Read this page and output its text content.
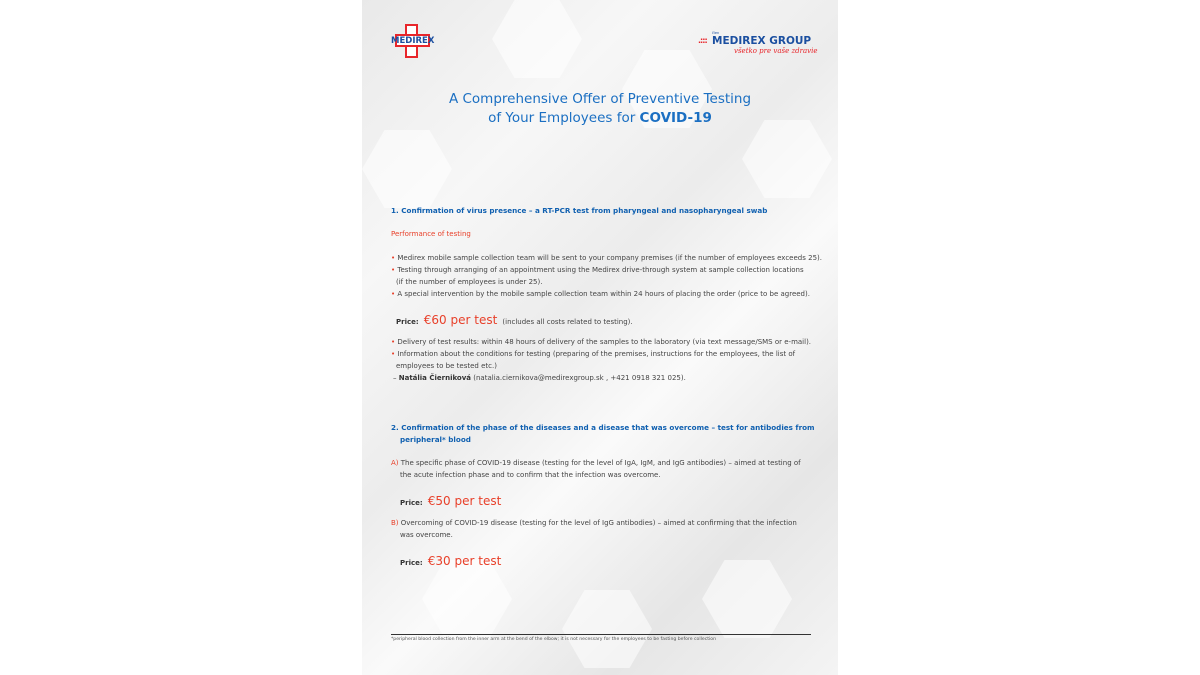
MEDIREX
člen
.::: MEDIREX GROUP
všetko pre vaše zdravie
A Comprehensive Offer of Preventive Testing
of Your Employees for COVID-19
1. Confirmation of virus presence – a RT-PCR test from pharyngeal and nasopharyngeal swab
Performance of testing
• Medirex mobile sample collection team will be sent to your company premises (if the number of employees exceeds 25).
• Testing through arranging of an appointment using the Medirex drive-through system at sample collection locations
(if the number of employees is under 25).
• A special intervention by the mobile sample collection team within 24 hours of placing the order (price to be agreed).
Price: €60 per test (includes all costs related to testing).
• Delivery of test results: within 48 hours of delivery of the samples to the laboratory (via text message/SMS or e-mail).
• Information about the conditions for testing (preparing of the premises, instructions for the employees, the list of
employees to be tested etc.)
– Natália Čierniková (natalia.ciernikova@medirexgroup.sk , +421 0918 321 025).
2. Confirmation of the phase of the diseases and a disease that was overcome – test for antibodies from
peripheral* blood
A) The specific phase of COVID-19 disease (testing for the level of IgA, IgM, and IgG antibodies) – aimed at testing of
the acute infection phase and to confirm that the infection was overcome.
Price: €50 per test
B) Overcoming of COVID-19 disease (testing for the level of IgG antibodies) – aimed at confirming that the infection
was overcome.
Price: €30 per test
*peripheral blood collection from the inner arm at the bend of the elbow; it is not necessary for the employees to be fasting before collection
